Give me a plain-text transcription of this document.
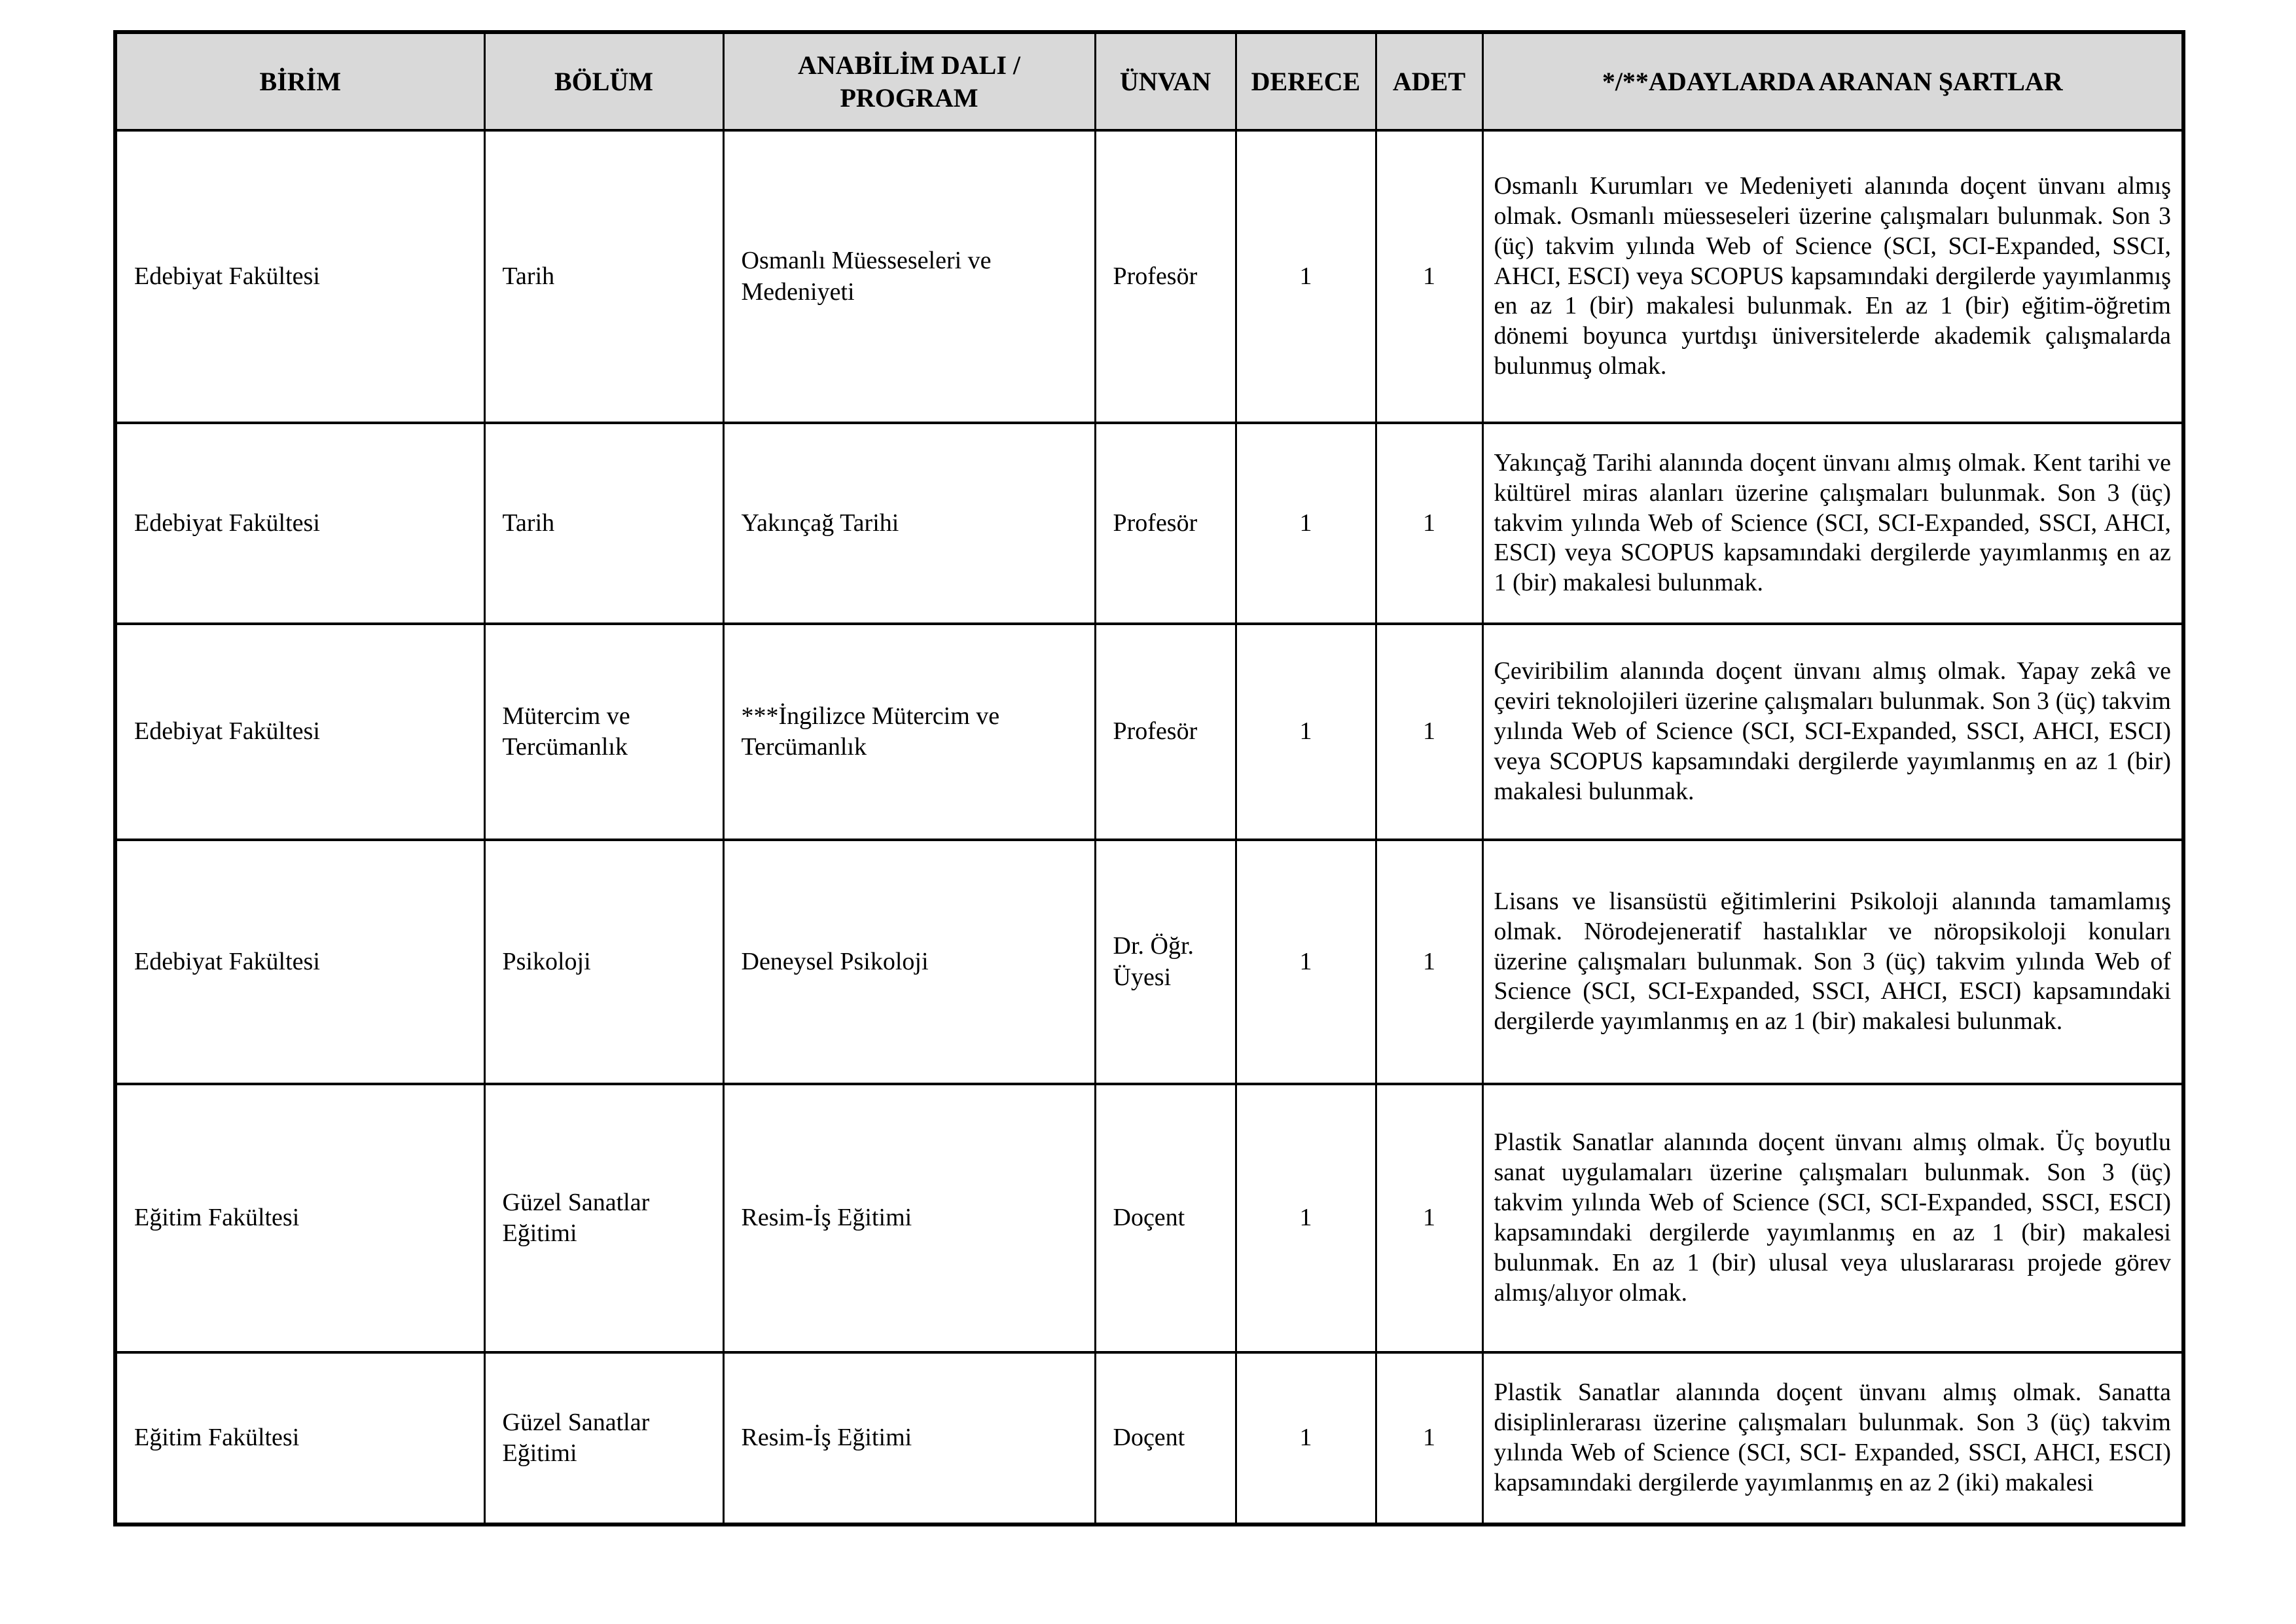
BİRİM	BÖLÜM	ANABİLİM DALI / PROGRAM	ÜNVAN	DERECE	ADET	*/**ADAYLARDA ARANAN ŞARTLAR
Edebiyat Fakültesi	Tarih	Osmanlı Müesseseleri ve Medeniyeti	Profesör	1	1	Osmanlı Kurumları ve Medeniyeti alanında doçent ünvanı almış olmak. Osmanlı müesseseleri üzerine çalışmaları bulunmak. Son 3 (üç) takvim yılında Web of Science (SCI, SCI-Expanded, SSCI, AHCI, ESCI) veya SCOPUS kapsamındaki dergilerde yayımlanmış en az 1 (bir) makalesi bulunmak. En az 1 (bir) eğitim-öğretim dönemi boyunca yurtdışı üniversitelerde akademik çalışmalarda bulunmuş olmak.
Edebiyat Fakültesi	Tarih	Yakınçağ Tarihi	Profesör	1	1	Yakınçağ Tarihi alanında doçent ünvanı almış olmak. Kent tarihi ve kültürel miras alanları üzerine çalışmaları bulunmak. Son 3 (üç) takvim yılında Web of Science (SCI, SCI-Expanded, SSCI, AHCI, ESCI) veya SCOPUS kapsamındaki dergilerde yayımlanmış en az 1 (bir) makalesi bulunmak.
Edebiyat Fakültesi	Mütercim ve Tercümanlık	***İngilizce Mütercim ve Tercümanlık	Profesör	1	1	Çeviribilim alanında doçent ünvanı almış olmak. Yapay zekâ ve çeviri teknolojileri üzerine çalışmaları bulunmak. Son 3 (üç) takvim yılında Web of Science (SCI, SCI-Expanded, SSCI, AHCI, ESCI) veya SCOPUS kapsamındaki dergilerde yayımlanmış en az 1 (bir) makalesi bulunmak.
Edebiyat Fakültesi	Psikoloji	Deneysel Psikoloji	Dr. Öğr. Üyesi	1	1	Lisans ve lisansüstü eğitimlerini Psikoloji alanında tamamlamış olmak. Nörodejeneratif hastalıklar ve nöropsikoloji konuları üzerine çalışmaları bulunmak. Son 3 (üç) takvim yılında Web of Science (SCI, SCI-Expanded, SSCI, AHCI, ESCI) kapsamındaki dergilerde yayımlanmış en az 1 (bir) makalesi bulunmak.
Eğitim Fakültesi	Güzel Sanatlar Eğitimi	Resim-İş Eğitimi	Doçent	1	1	Plastik Sanatlar alanında doçent ünvanı almış olmak. Üç boyutlu sanat uygulamaları üzerine çalışmaları bulunmak. Son 3 (üç) takvim yılında Web of Science (SCI, SCI-Expanded, SSCI, ESCI) kapsamındaki dergilerde yayımlanmış en az 1 (bir) makalesi bulunmak. En az 1 (bir) ulusal veya uluslararası projede görev almış/alıyor olmak.
Eğitim Fakültesi	Güzel Sanatlar Eğitimi	Resim-İş Eğitimi	Doçent	1	1	Plastik Sanatlar alanında doçent ünvanı almış olmak. Sanatta disiplinlerarası üzerine çalışmaları bulunmak. Son 3 (üç) takvim yılında Web of Science (SCI, SCI- Expanded, SSCI, AHCI, ESCI) kapsamındaki dergilerde yayımlanmış en az 2 (iki) makalesi
